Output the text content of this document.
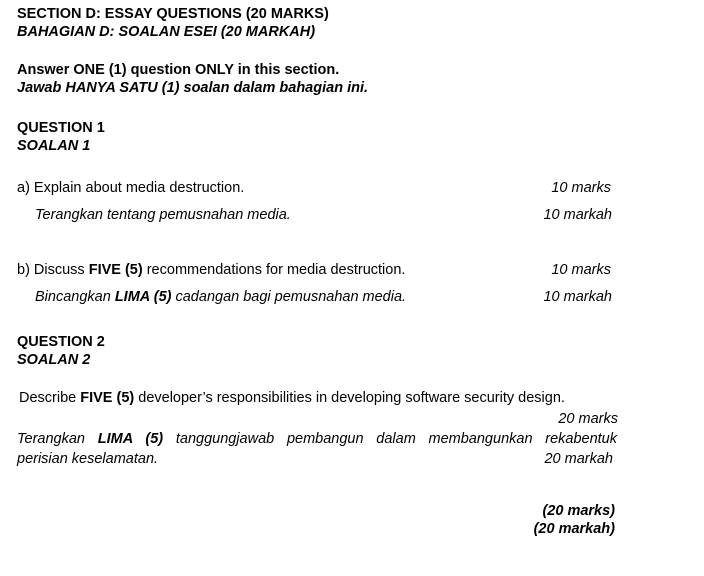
SECTION D: ESSAY QUESTIONS (20 MARKS)
BAHAGIAN D: SOALAN ESEI (20 MARKAH)
Answer ONE (1) question ONLY in this section.
Jawab HANYA SATU (1) soalan dalam bahagian ini.
QUESTION 1
SOALAN 1
a) Explain about media destruction.	10 marks
Terangkan tentang pemusnahan media.	10 markah
b) Discuss FIVE (5) recommendations for media destruction.	10 marks
Bincangkan LIMA (5) cadangan bagi pemusnahan media.	10 markah
QUESTION 2
SOALAN 2
Describe FIVE (5) developer’s responsibilities in developing software security design.
20 marks
Terangkan LIMA (5) tanggungjawab pembangun dalam membangunkan rekabentuk
perisian keselamatan.	20 markah
(20 marks)
(20 markah)
